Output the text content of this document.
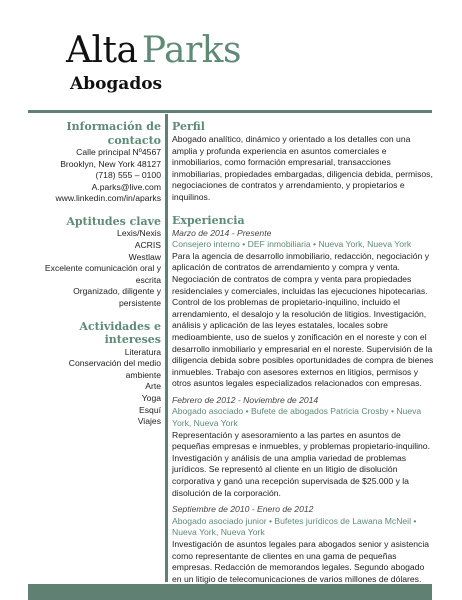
Alta Parks
Abogados
Información de
contacto
Calle principal Nº4567
Brooklyn, New York 48127
(718) 555 – 0100
A.parks@live.com
www.linkedin.com/in/aparks
Aptitudes clave
Lexis/Nexis
ACRIS
Westlaw
Excelente comunicación oral y
escrita
Organizado, diligente y
persistente
Actividades e
intereses
Literatura
Conservación del medio
ambiente
Arte
Yoga
Esquí
Viajes
Perfil

Abogado analítico, dinámico y orientado a los detalles con una amplia y profunda experiencia en asuntos comerciales e inmobiliarios, como formación empresarial, transacciones inmobiliarias, propiedades embargadas, diligencia debida, permisos, negociaciones de contratos y arrendamiento, y propietarios e inquilinos.

Experiencia
Marzo de 2014 - Presente
Consejero interno • DEF inmobiliaria • Nueva York, Nueva York

Para la agencia de desarrollo inmobiliario, redacción, negociación y aplicación de contratos de arrendamiento y compra y venta. Negociación de contratos de compra y venta para propiedades residenciales y comerciales, incluidas las ejecuciones hipotecarias. Control de los problemas de propietario-inquilino, incluido el arrendamiento, el desalojo y la resolución de litigios. Investigación, análisis y aplicación de las leyes estatales, locales sobre medioambiente, uso de suelos y zonificación en el noreste y con el desarrollo inmobiliario y empresarial en el noreste. Supervisión de la diligencia debida sobre posibles oportunidades de compra de bienes inmuebles. Trabajo con asesores externos en litigios, permisos y otros asuntos legales especializados relacionados con empresas.

Febrero de 2012 - Noviembre de 2014
Abogado asociado • Bufete de abogados Patricia Crosby • Nueva York, Nueva York

Representación y asesoramiento a las partes en asuntos de pequeñas empresas e inmuebles, y problemas propietario-inquilino. Investigación y análisis de una amplia variedad de problemas jurídicos. Se representó al cliente en un litigio de disolución corporativa y ganó una recepción supervisada de $25.000 y la disolución de la corporación.

Septiembre de 2010 - Enero de 2012
Abogado asociado junior • Bufetes jurídicos de Lawana McNeil • Nueva York, Nueva York

Investigación de asuntos legales para abogados senior y asistencia como representante de clientes en una gama de pequeñas empresas. Redacción de memorandos legales. Segundo abogado en un litigio de telecomunicaciones de varios millones de dólares.
